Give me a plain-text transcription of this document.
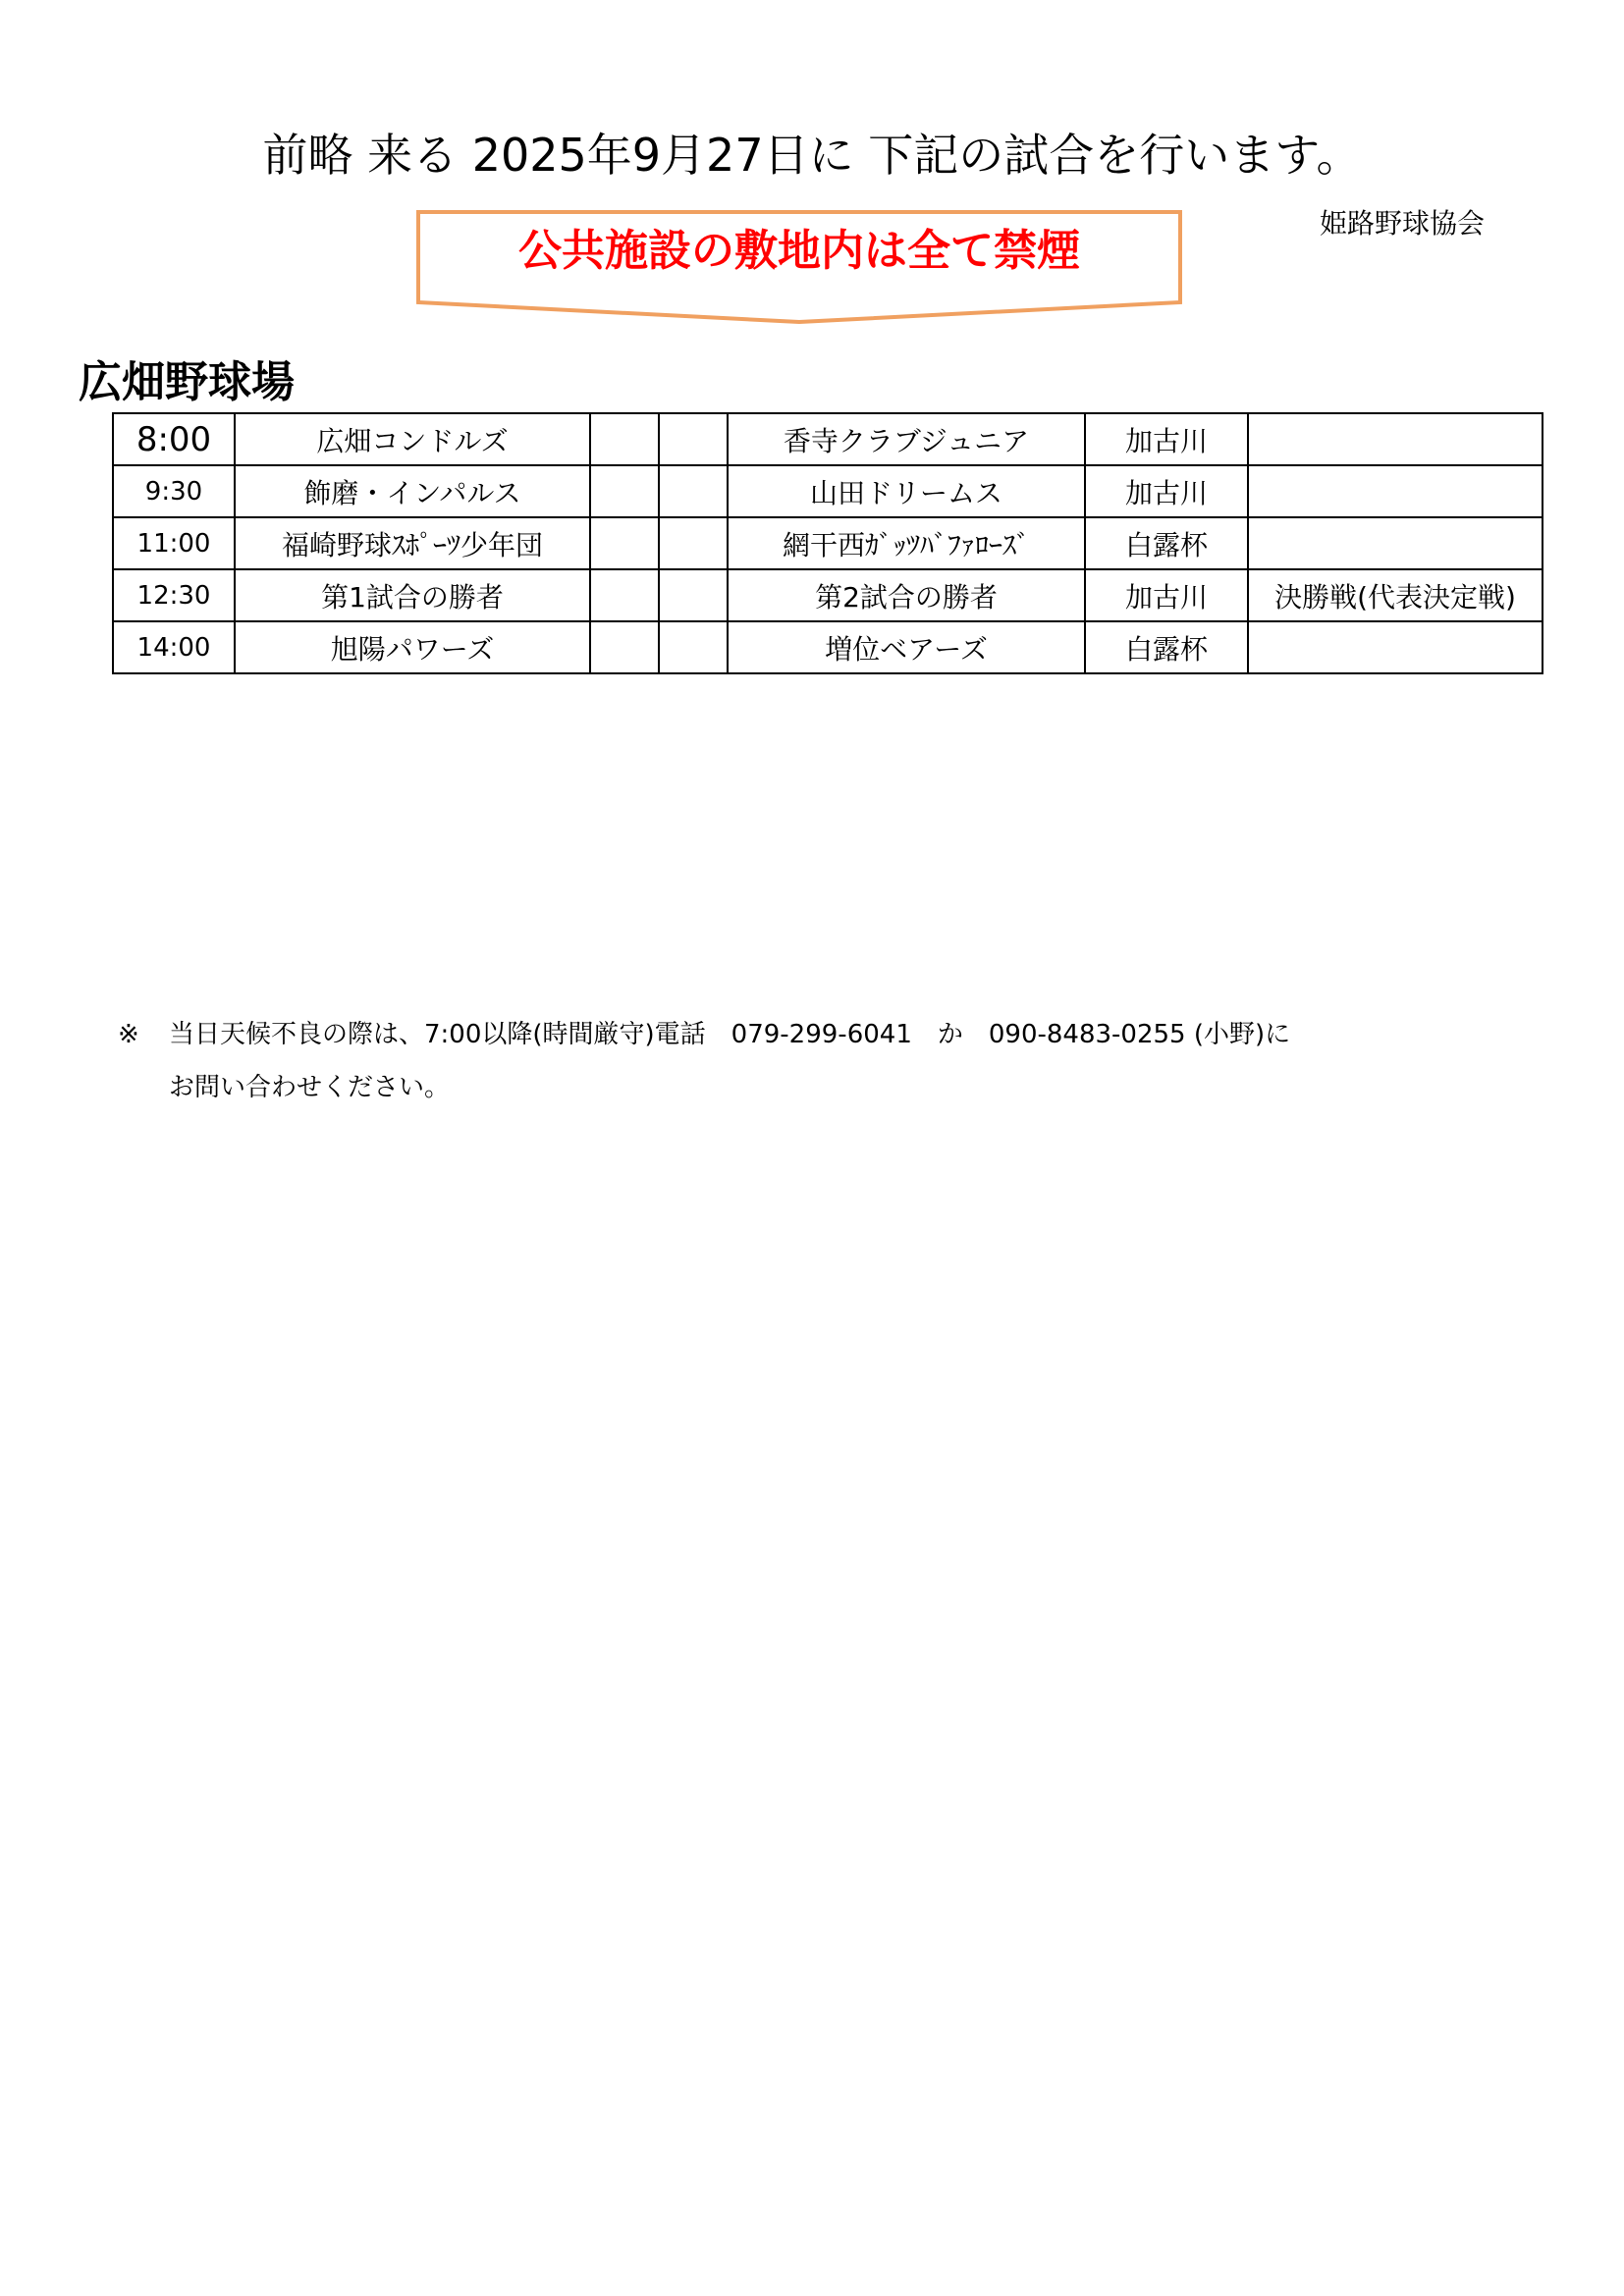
前略 来る 2025年9月27日に 下記の試合を行います。
姫路野球協会
公共施設の敷地内は全て禁煙
広畑野球場
8:00	広畑コンドルズ			香寺クラブジュニア	加古川	
9:30	飾磨・インパルス			山田ドリームス	加古川	
11:00	福崎野球ｽﾎﾟｰﾂ少年団			網干西ｶﾞｯﾂﾊﾞﾌｧﾛｰｽﾞ	白露杯	
12:30	第1試合の勝者			第2試合の勝者	加古川	決勝戦(代表決定戦)
14:00	旭陽パワーズ			増位ベアーズ	白露杯	
※ 当日天候不良の際は、7:00以降(時間厳守)電話　079-299-6041　か　090-8483-0255 (小野)に
お問い合わせください。
